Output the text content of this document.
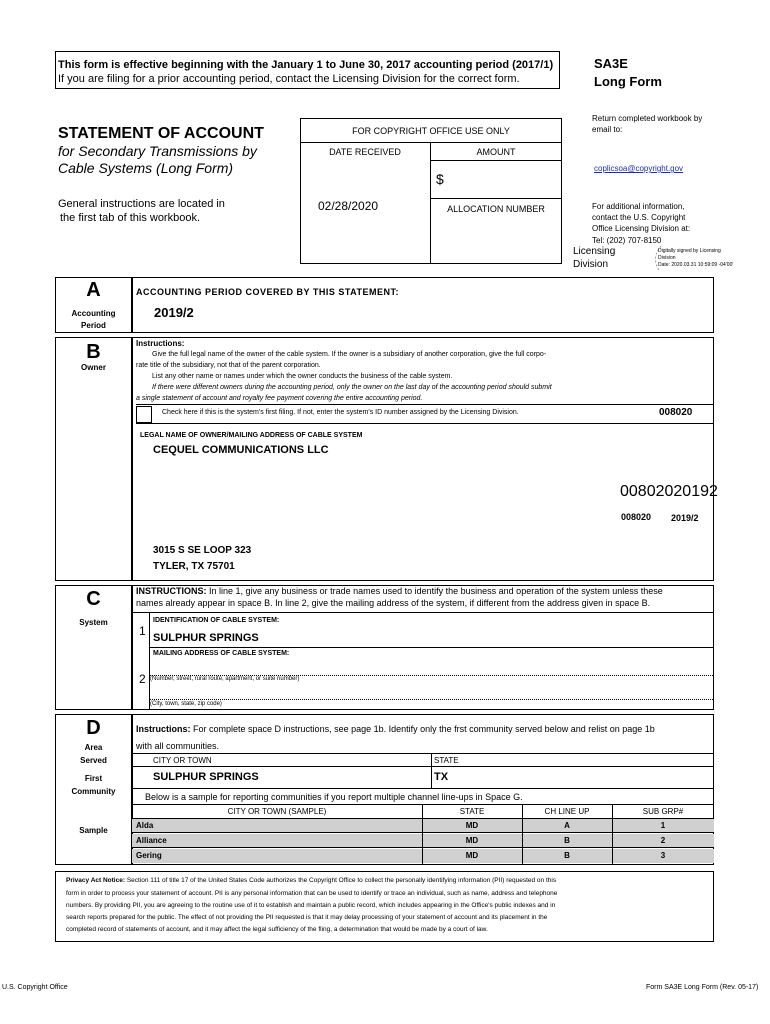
This form is effective beginning with the January 1 to June 30, 2017 accounting period (2017/1)
If you are filing for a prior accounting period, contact the Licensing Division for the correct form.
SA3E
Long Form
STATEMENT OF ACCOUNT
for Secondary Transmissions by
Cable Systems (Long Form)
General instructions are located in
the first tab of this workbook.
FOR COPYRIGHT OFFICE USE ONLY
DATE RECEIVED	AMOUNT
$
02/28/2020	ALLOCATION NUMBER
Return completed workbook by
email to:
coplicsoa@copyright.gov
For additional information,
contact the U.S. Copyright
Office Licensing Division at:
Tel: (202) 707-8150
Licensing
Division
Digitally signed by Licensing
Division
Date: 2020.03.31 10:59:09 -04'00'
A
Accounting
Period
B
Owner
C
System
D
Area
Served
First
Community
Sample
ACCOUNTING PERIOD COVERED BY THIS STATEMENT:
2019/2
Instructions:
Give the full legal name of the owner of the cable system. If the owner is a subsidiary of another corporation, give the full corpo-
rate title of the subsidiary, not that of the parent corporation.
List any other name or names under which the owner conducts the business of the cable system.
If there were different owners during the accounting period, only the owner on the last day of the accounting period should submit
a single statement of account and royalty fee payment covering the entire accounting period.
Check here if this is the system's first filing. If not, enter the system's ID number assigned by the Licensing Division.	008020
LEGAL NAME OF OWNER/MAILING ADDRESS OF CABLE SYSTEM
CEQUEL COMMUNICATIONS LLC
00802020192
008020 2019/2
3015 S SE LOOP 323
TYLER, TX 75701
INSTRUCTIONS: In line 1, give any business or trade names used to identify the business and operation of the system unless these
names already appear in space B. In line 2, give the mailing address of the system, if different from the address given in space B.
IDENTIFICATION OF CABLE SYSTEM:
1 SULPHUR SPRINGS
MAILING ADDRESS OF CABLE SYSTEM:
2 (Number, street, rural route, apartment, or suite number)
(City, town, state, zip code)
Instructions: For complete space D instructions, see page 1b. Identify only the frst community served below and relist on page 1b
with all communities.
CITY OR TOWN	STATE
SULPHUR SPRINGS	TX
Below is a sample for reporting communities if you report multiple channel line-ups in Space G.
CITY OR TOWN (SAMPLE)	STATE	CH LINE UP	SUB GRP#
Alda	MD	A	1
Alliance	MD	B	2
Gering	MD	B	3
Privacy Act Notice: Section 111 of title 17 of the United States Code authorizes the Copyright Office to collect the personally identifying information (PII) requested on this
form in order to process your statement of account. PII is any personal information that can be used to identify or trace an individual, such as name, address and telephone
numbers. By providing PII, you are agreeing to the routine use of it to establish and maintain a public record, which includes appearing in the Office's public indexes and in
search reports prepared for the public. The effect of not providing the PII requested is that it may delay processing of your statement of account and its placement in the
completed record of statements of account, and it may affect the legal sufficiency of the fling, a determination that would be made by a court of law.
U.S. Copyright Office	Form SA3E Long Form (Rev. 05-17)
